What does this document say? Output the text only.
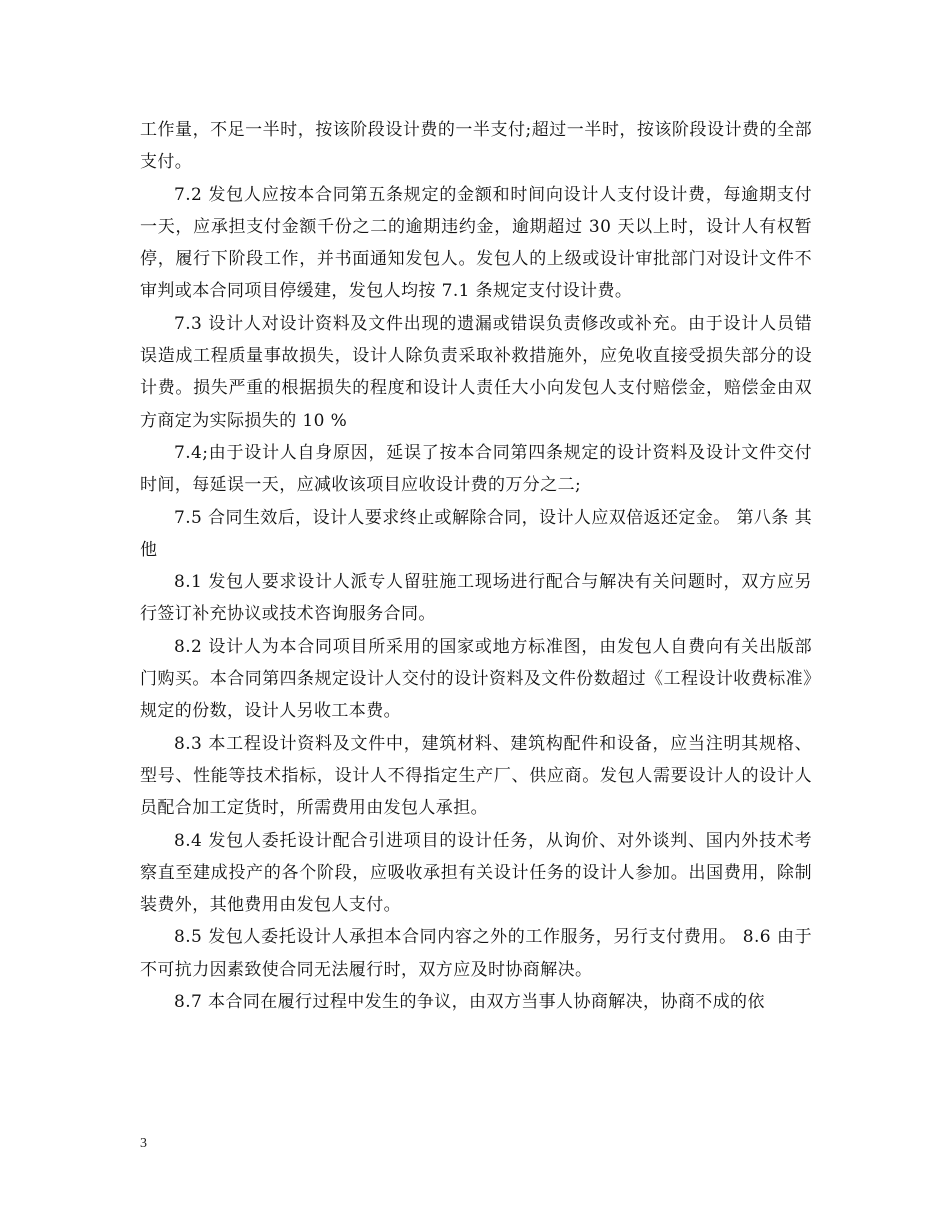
工作量，不足一半时，按该阶段设计费的一半支付;超过一半时，按该阶段设计费的全部支付。

7.2 发包人应按本合同第五条规定的金额和时间向设计人支付设计费，每逾期支付一天，应承担支付金额千份之二的逾期违约金，逾期超过 30 天以上时，设计人有权暂停，履行下阶段工作，并书面通知发包人。发包人的上级或设计审批部门对设计文件不审判或本合同项目停缓建，发包人均按 7.1 条规定支付设计费。

7.3 设计人对设计资料及文件出现的遗漏或错误负责修改或补充。由于设计人员错误造成工程质量事故损失，设计人除负责采取补救措施外，应免收直接受损失部分的设计费。损失严重的根据损失的程度和设计人责任大小向发包人支付赔偿金，赔偿金由双方商定为实际损失的 10 %

7.4;由于设计人自身原因，延误了按本合同第四条规定的设计资料及设计文件交付时间，每延误一天，应减收该项目应收设计费的万分之二;

7.5 合同生效后，设计人要求终止或解除合同，设计人应双倍返还定金。 第八条 其他

8.1 发包人要求设计人派专人留驻施工现场进行配合与解决有关问题时，双方应另行签订补充协议或技术咨询服务合同。

8.2 设计人为本合同项目所采用的国家或地方标准图，由发包人自费向有关出版部门购买。本合同第四条规定设计人交付的设计资料及文件份数超过《工程设计收费标准》规定的份数，设计人另收工本费。

8.3 本工程设计资料及文件中，建筑材料、建筑构配件和设备，应当注明其规格、型号、性能等技术指标，设计人不得指定生产厂、供应商。发包人需要设计人的设计人员配合加工定货时，所需费用由发包人承担。

8.4 发包人委托设计配合引进项目的设计任务，从询价、对外谈判、国内外技术考察直至建成投产的各个阶段，应吸收承担有关设计任务的设计人参加。出国费用，除制装费外，其他费用由发包人支付。

8.5 发包人委托设计人承担本合同内容之外的工作服务，另行支付费用。 8.6 由于不可抗力因素致使合同无法履行时，双方应及时协商解决。

8.7 本合同在履行过程中发生的争议，由双方当事人协商解决，协商不成的依

3
